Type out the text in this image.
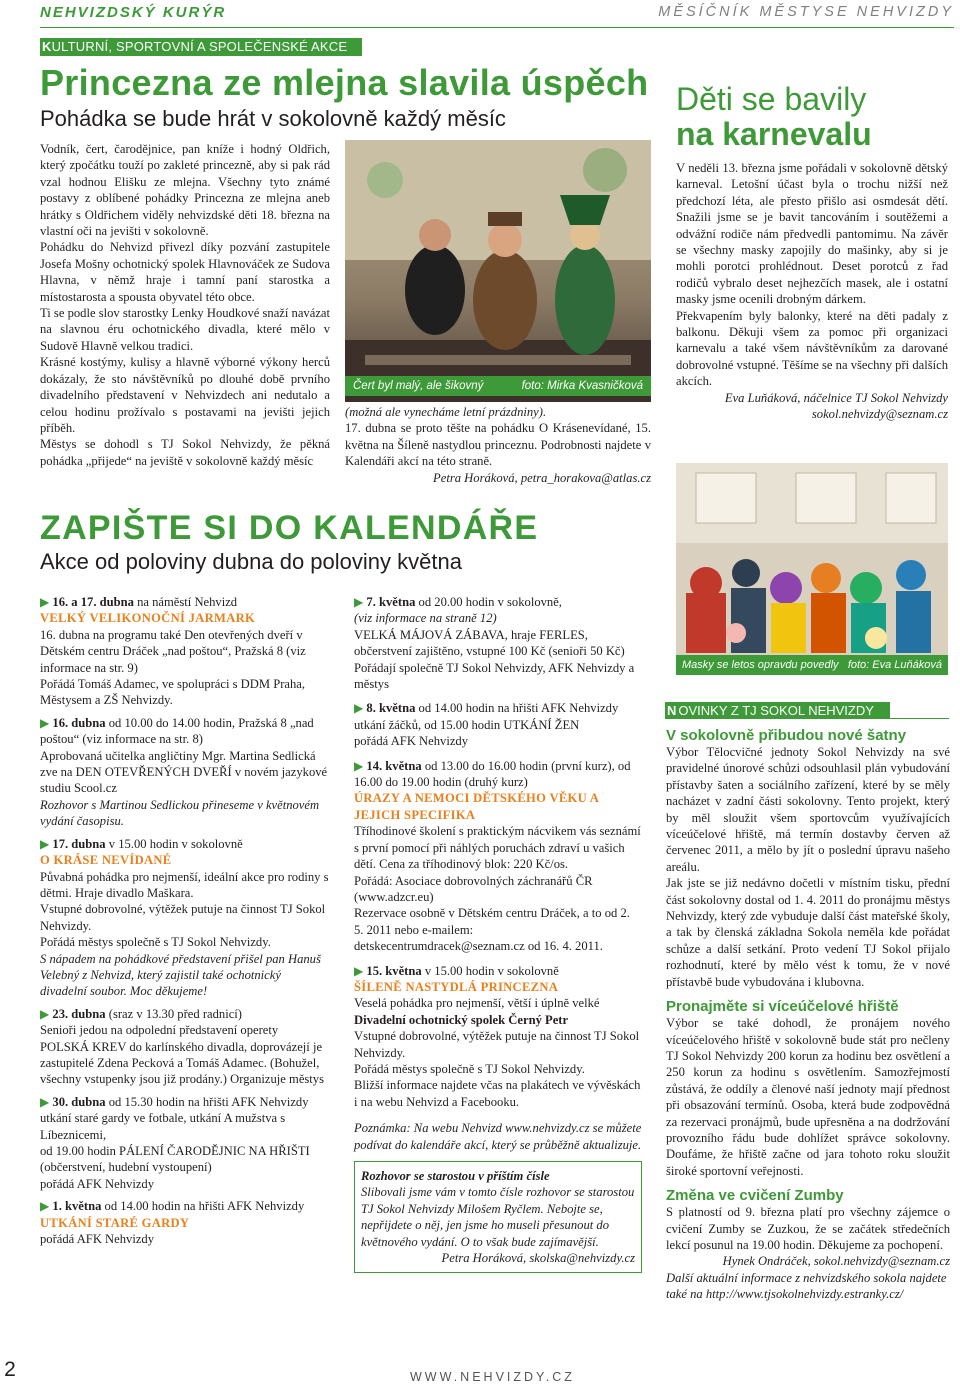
NEHVIZDSKÝ KURÝR	MĚSÍČNÍK MĚSTYSE NEHVIZDY
KULTURNÍ, SPORTOVNÍ A SPOLEČENSKÉ AKCE
Princezna ze mlejna slavila úspěch
Pohádka se bude hrát v sokolovně každý měsíc

Vodník, čert, čarodějnice, pan kníže i hodný Oldřich, který zpočátku touží po zakleté princezně, aby si pak rád vzal hodnou Elišku ze mlejna. Všechny tyto známé postavy z oblíbené pohádky Princezna ze mlejna aneb hrátky s Oldřichem viděly nehvizdské děti 18. března na vlastní oči na jevišti v sokolovně.

Pohádku do Nehvizd přivezl díky pozvání zastupitele Josefa Mošny ochotnický spolek Hlavnováček ze Sudova Hlavna, v němž hraje i tamní paní starostka a místostarosta a spousta obyvatel této obce.

Ti se podle slov starostky Lenky Houdkové snaží navázat na slavnou éru ochotnického divadla, které mělo v Sudově Hlavně velkou tradici.

Krásné kostýmy, kulisy a hlavně výborné výkony herců dokázaly, že sto návštěvníků po dlouhé době prvního divadelního představení v Nehvizdech ani nedutalo a celou hodinu prožívalo s postavami na jevišti jejich příběh.

Městys se dohodl s TJ Sokol Nehvizdy, že pěkná pohádka „přijede“ na jeviště v sokolovně každý měsíc

Čert byl malý, ale šikovný	foto: Mirka Kvasničková

(možná ale vynecháme letní prázdniny).

17. dubna se proto těšte na pohádku O Krásenevídané, 15. května na Šíleně nastydlou princeznu. Podrobnosti najdete v Kalendáři akcí na této straně.

Petra Horáková, petra_horakova@atlas.cz

Děti se bavily
na karnevalu

V neděli 13. března jsme pořádali v sokolovně dětský karneval. Letošní účast byla o trochu nižší než předchozí léta, ale přesto přišlo asi osmdesát dětí. Snažili jsme se je bavit tancováním i soutěžemi a odvážní rodiče nám předvedli pantomimu. Na závěr se všechny masky zapojily do mašinky, aby si je mohli porotci prohlédnout. Deset porotců z řad rodičů vybralo deset nejhezčích masek, ale i ostatní masky jsme ocenili drobným dárkem.

Překvapením byly balonky, které na děti padaly z balkonu. Děkuji všem za pomoc při organizaci karnevalu a také všem návštěvníkům za darované dobrovolné vstupné. Těšíme se na všechny při dalších akcích.

Eva Luňáková, náčelnice TJ Sokol Nehvizdy

sokol.nehvizdy@seznam.cz

Masky se letos opravdu povedly foto: Eva Luňáková
ZAPIŠTE SI DO KALENDÁŘE
Akce od poloviny dubna do poloviny května
▶ 16. a 17. dubna na náměstí Nehvizd
VELKÝ VELIKONOČNÍ JARMARK
16. dubna na programu také Den otevřených dveří v Dětském centru Dráček „nad poštou“, Pražská 8 (viz informace na str. 9)
Pořádá Tomáš Adamec, ve spolupráci s DDM Praha, Městysem a ZŠ Nehvizdy.
▶ 16. dubna od 10.00 do 14.00 hodin, Pražská 8 „nad poštou“ (viz informace na str. 8)
Aprobovaná učitelka angličtiny Mgr. Martina Sedlická zve na DEN OTEVŘENÝCH DVEŘÍ v novém jazykové studiu Scool.cz
Rozhovor s Martinou Sedlickou přineseme v květnovém vydání časopisu.
▶ 17. dubna v 15.00 hodin v sokolovně
O KRÁSE NEVÍDANÉ
Půvabná pohádka pro nejmenší, ideální akce pro rodiny s dětmi. Hraje divadlo Maškara.
Vstupné dobrovolné, výtěžek putuje na činnost TJ Sokol Nehvizdy.
Pořádá městys společně s TJ Sokol Nehvizdy.
S nápadem na pohádkové představení přišel pan Hanuš Velebný z Nehvizd, který zajistil také ochotnický divadelní soubor. Moc děkujeme!
▶ 23. dubna (sraz v 13.30 před radnicí)
Senioři jedou na odpolední představení operety POLSKÁ KREV do karlínského divadla, doprovázejí je zastupitelé Zdena Pecková a Tomáš Adamec. (Bohužel, všechny vstupenky jsou již prodány.) Organizuje městys
▶ 30. dubna od 15.30 hodin na hřišti AFK Nehvizdy utkání staré gardy ve fotbale, utkání A mužstva s Líbeznicemi,
od 19.00 hodin PÁLENÍ ČARODĚJNIC NA HŘIŠTI (občerstvení, hudební vystoupení)
pořádá AFK Nehvizdy
▶ 1. května od 14.00 hodin na hřišti AFK Nehvizdy
UTKÁNÍ STARÉ GARDY
pořádá AFK Nehvizdy
▶ 7. května od 20.00 hodin v sokolovně,
(viz informace na straně 12)
VELKÁ MÁJOVÁ ZÁBAVA, hraje FERLES, občerstvení zajištěno, vstupné 100 Kč (senioři 50 Kč)
Pořádají společně TJ Sokol Nehvizdy, AFK Nehvizdy a městys
▶ 8. května od 14.00 hodin na hřišti AFK Nehvizdy
utkání žáčků, od 15.00 hodin UTKÁNÍ ŽEN
pořádá AFK Nehvizdy
▶ 14. května od 13.00 do 16.00 hodin (první kurz), od 16.00 do 19.00 hodin (druhý kurz)
ÚRAZY A NEMOCI DĚTSKÉHO VĚKU A JEJICH SPECIFIKA
Tříhodinové školení s praktickým nácvikem vás seznámí s první pomocí při náhlých poruchách zdraví u vašich dětí. Cena za tříhodinový blok: 220 Kč/os.
Pořádá: Asociace dobrovolných záchranářů ČR (www.adzcr.eu)
Rezervace osobně v Dětském centru Dráček, a to od 2. 5. 2011 nebo e-mailem: detskecentrumdracek@seznam.cz od 16. 4. 2011.
▶ 15. května v 15.00 hodin v sokolovně
ŠÍLENĚ NASTYDLÁ PRINCEZNA
Veselá pohádka pro nejmenší, větší i úplně velké
Divadelní ochotnický spolek Černý Petr
Vstupné dobrovolné, výtěžek putuje na činnost TJ Sokol Nehvizdy.
Pořádá městys společně s TJ Sokol Nehvizdy.
Bližší informace najdete včas na plakátech ve vývěskách i na webu Nehvizd a Facebooku.
Poznámka: Na webu Nehvizd www.nehvizdy.cz se můžete podívat do kalendáře akcí, který se průběžně aktualizuje.
Rozhovor se starostou v příštím čísle
Slibovali jsme vám v tomto čísle rozhovor se starostou TJ Sokol Nehvizdy Milošem Ryčlem. Nebojte se, nepřijdete o něj, jen jsme ho museli přesunout do květnového vydání. O to však bude zajímavější.
Petra Horáková, skolska@nehvizdy.cz
N OVINKY Z TJ SOKOL NEHVIZDY
V sokolovně přibudou nové šatny
Výbor Tělocvičné jednoty Sokol Nehvizdy na své pravidelné únorové schůzi odsouhlasil plán vybudování přístavby šaten a sociálního zařízení, které by se měly nacházet v zadní části sokolovny. Tento projekt, který by měl sloužit všem sportovcům využívajících víceúčelové hřiště, má termín dostavby červen až červenec 2011, a mělo by jít o poslední úpravu našeho areálu.
Jak jste se již nedávno dočetli v místním tisku, přední část sokolovny dostal od 1. 4. 2011 do pronájmu městys Nehvizdy, který zde vybuduje další část mateřské školy, a tak by členská základna Sokola neměla kde pořádat schůze a další setkání. Proto vedení TJ Sokol přijalo rozhodnutí, které by mělo vést k tomu, že v nové přístavbě bude vybudována i klubovna.
Pronajměte si víceúčelové hřiště
Výbor se také dohodl, že pronájem nového víceúčelového hřiště v sokolovně bude stát pro nečleny TJ Sokol Nehvizdy 200 korun za hodinu bez osvětlení a 250 korun za hodinu s osvětlením. Samozřejmostí zůstává, že oddíly a členové naší jednoty mají přednost při obsazování termínů. Osoba, která bude zodpovědná za rezervaci pronájmů, bude upřesněna a na dodržování provozního řádu bude dohlížet správce sokolovny. Doufáme, že hřiště začne od jara tohoto roku sloužit široké sportovní veřejnosti.
Změna ve cvičení Zumby
S platností od 9. března platí pro všechny zájemce o cvičení Zumby se Zuzkou, že se začátek středečních lekcí posunul na 19.00 hodin. Děkujeme za pochopení.
Hynek Ondráček, sokol.nehvizdy@seznam.cz
Další aktuální informace z nehvizdského sokola najdete také na http://www.tjsokolnehvizdy.estranky.cz/
2	WWW.NEHVIZDY.CZ
